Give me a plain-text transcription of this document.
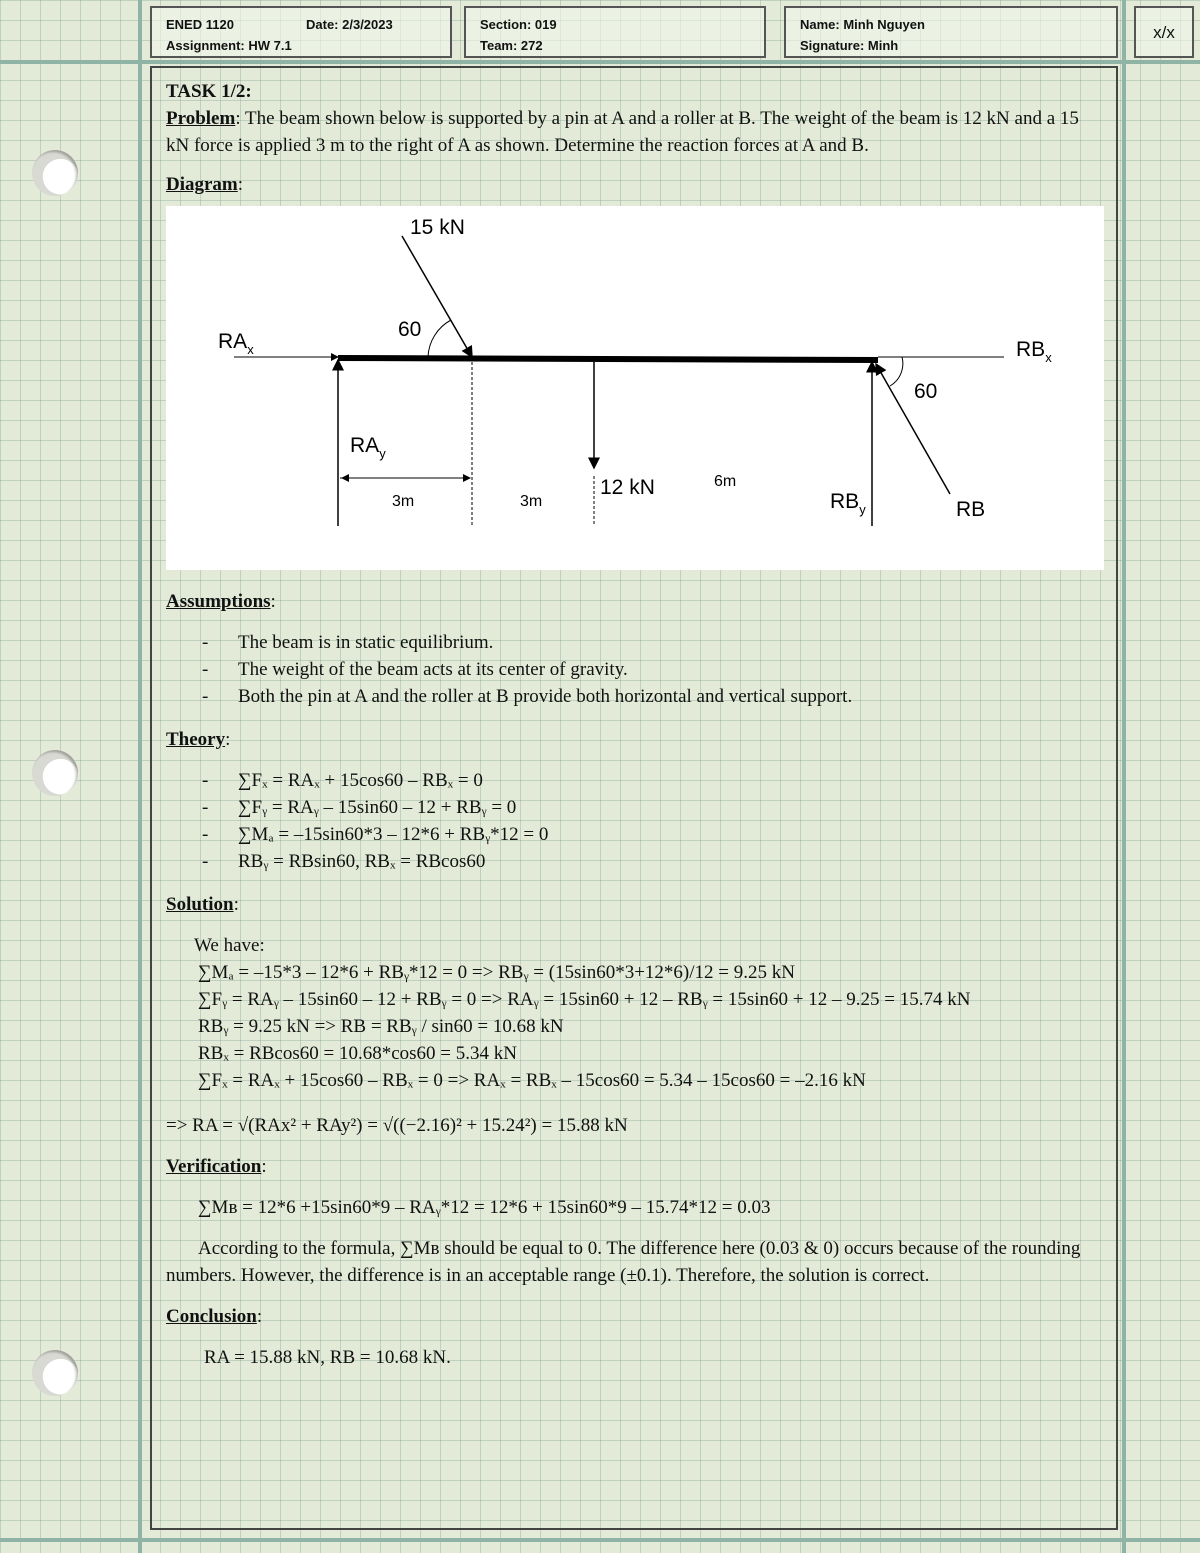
ENED 1120	Date: 2/3/2023
Assignment: HW 7.1
Section: 019
Team: 272
Name: Minh Nguyen
Signature: Minh
x/x

TASK 1/2:

Problem: The beam shown below is supported by a pin at A and a roller at B. The weight of the beam is 12 kN and a 15 kN force is applied 3 m to the right of A as shown. Determine the reaction forces at A and B.

Diagram:

15 kN
60
60
$RA_x$	$RB_x$
$RA_y$
$RB_y$	RB
12 kN
3m	3m
6m

Assumptions:

- The beam is in static equilibrium.
- The weight of the beam acts at its center of gravity.
- Both the pin at A and the roller at B provide both horizontal and vertical support.

Theory:

- ∑Fₓ = RAₓ + 15cos60 – RBₓ = 0
- ∑Fᵧ = RAᵧ – 15sin60 – 12 + RBᵧ = 0
- ∑Mₐ = –15sin60*3 – 12*6 + RBᵧ*12 = 0
- RBᵧ = RBsin60, RBₓ = RBcos60

Solution:

We have:

∑Mₐ = –15*3 – 12*6 + RBᵧ*12 = 0 => RBᵧ = (15sin60*3+12*6)/12 = 9.25 kN

∑Fᵧ = RAᵧ – 15sin60 – 12 + RBᵧ = 0 => RAᵧ = 15sin60 + 12 – RBᵧ = 15sin60 + 12 – 9.25 = 15.74 kN

RBᵧ = 9.25 kN => RB = RBᵧ / sin60 = 10.68 kN

RBₓ = RBcos60 = 10.68*cos60 = 5.34 kN

∑Fₓ = RAₓ + 15cos60 – RBₓ = 0 => RAₓ = RBₓ – 15cos60 = 5.34 – 15cos60 = –2.16 kN

=> RA = √(RAx² + RAy²) = √((−2.16)² + 15.24²) = 15.88 kN

Verification:

∑Mʙ = 12*6 +15sin60*9 – RAᵧ*12 = 12*6 + 15sin60*9 – 15.74*12 = 0.03

According to the formula, ∑Mʙ should be equal to 0. The difference here (0.03 & 0) occurs because of the rounding numbers. However, the difference is in an acceptable range (±0.1). Therefore, the solution is correct.

Conclusion:

RA = 15.88 kN, RB = 10.68 kN.
